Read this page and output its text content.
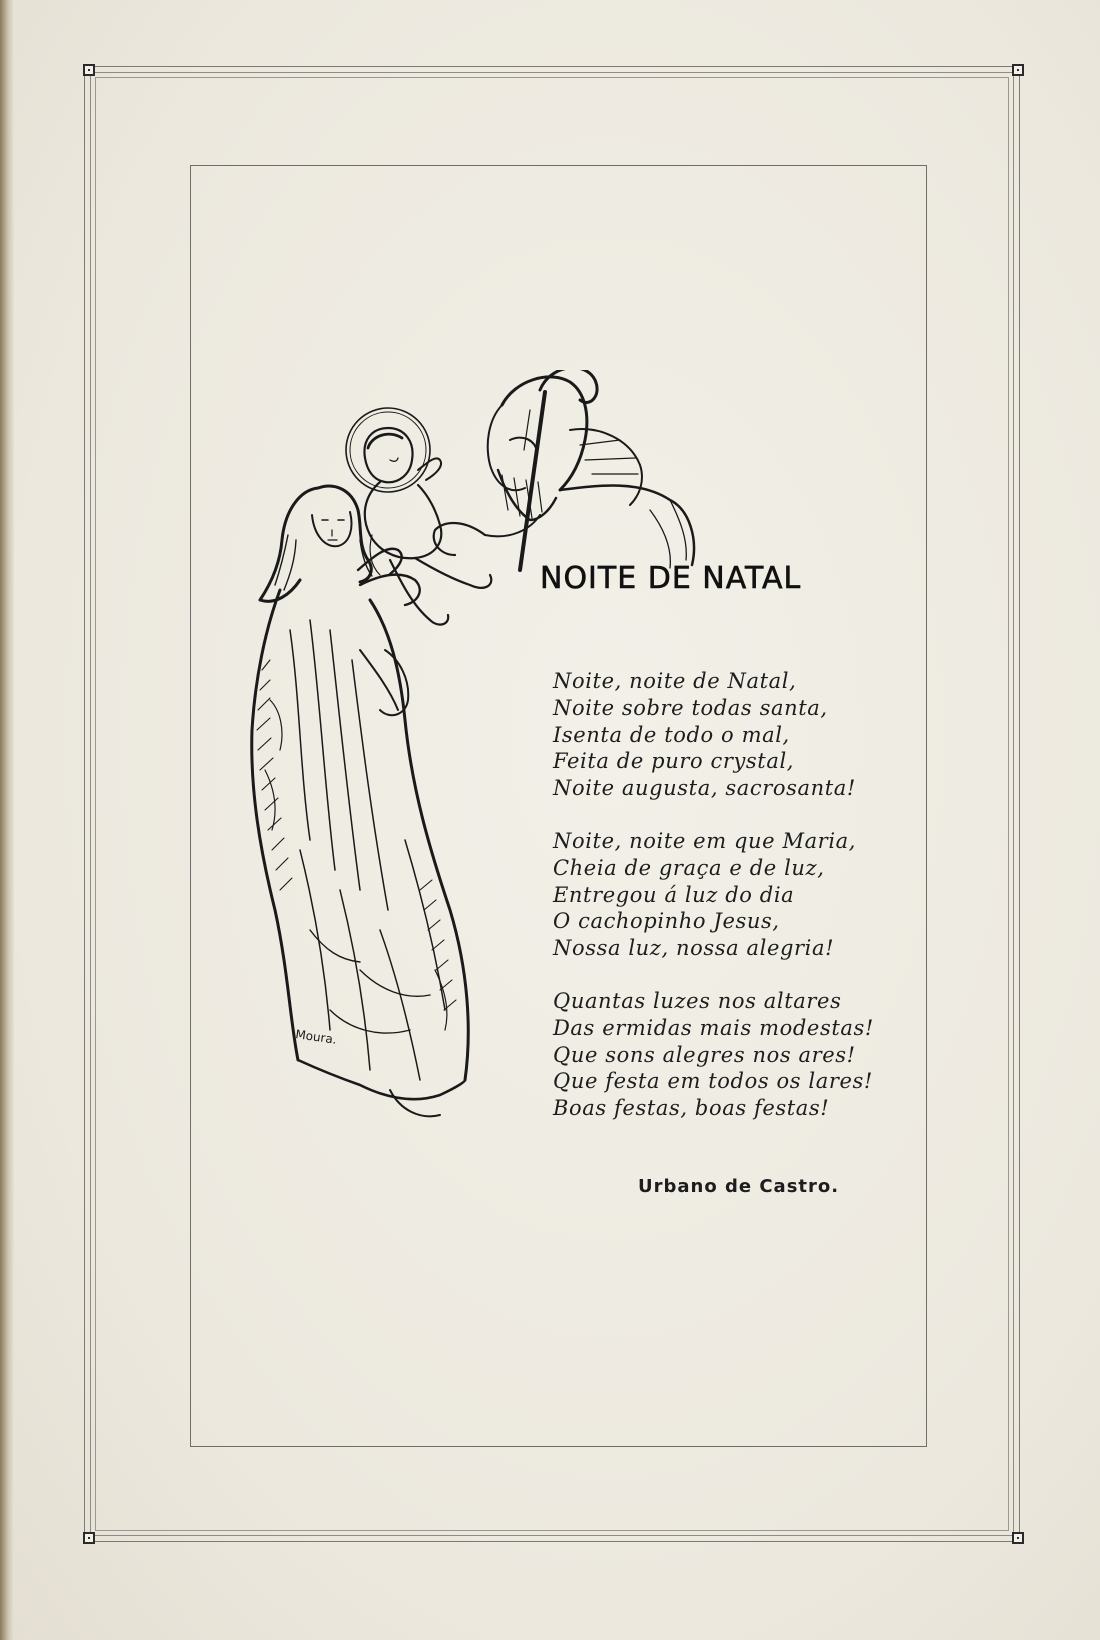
Moura.
NOITE DE NATAL
Noite, noite de Natal,
Noite sobre todas santa,
Isenta de todo o mal,
Feita de puro crystal,
Noite augusta, sacrosanta!
Noite, noite em que Maria,
Cheia de graça e de luz,
Entregou á luz do dia
O cachopinho Jesus,
Nossa luz, nossa alegria!
Quantas luzes nos altares
Das ermidas mais modestas!
Que sons alegres nos ares!
Que festa em todos os lares!
Boas festas, boas festas!
Urbano de Castro.
